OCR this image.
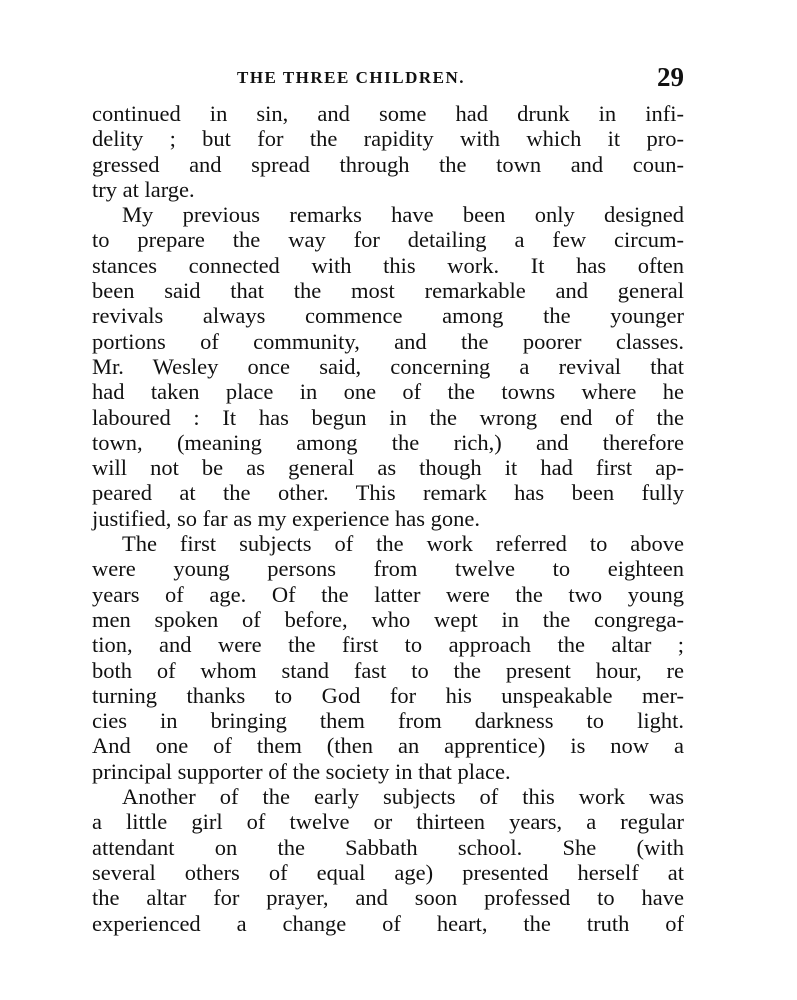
THE THREE CHILDREN.	29
continued in sin, and some had drunk in infi-
delity ; but for the rapidity with which it pro-
gressed and spread through the town and coun-
try at large.
My previous remarks have been only designed
to prepare the way for detailing a few circum-
stances connected with this work. It has often
been said that the most remarkable and general
revivals always commence among the younger
portions of community, and the poorer classes.
Mr. Wesley once said, concerning a revival that
had taken place in one of the towns where he
laboured : It has begun in the wrong end of the
town, (meaning among the rich,) and therefore
will not be as general as though it had first ap-
peared at the other. This remark has been fully
justified, so far as my experience has gone.
The first subjects of the work referred to above
were young persons from twelve to eighteen
years of age. Of the latter were the two young
men spoken of before, who wept in the congrega-
tion, and were the first to approach the altar ;
both of whom stand fast to the present hour, re
turning thanks to God for his unspeakable mer-
cies in bringing them from darkness to light.
And one of them (then an apprentice) is now a
principal supporter of the society in that place.
Another of the early subjects of this work was
a little girl of twelve or thirteen years, a regular
attendant on the Sabbath school. She (with
several others of equal age) presented herself at
the altar for prayer, and soon professed to have
experienced a change of heart, the truth of
